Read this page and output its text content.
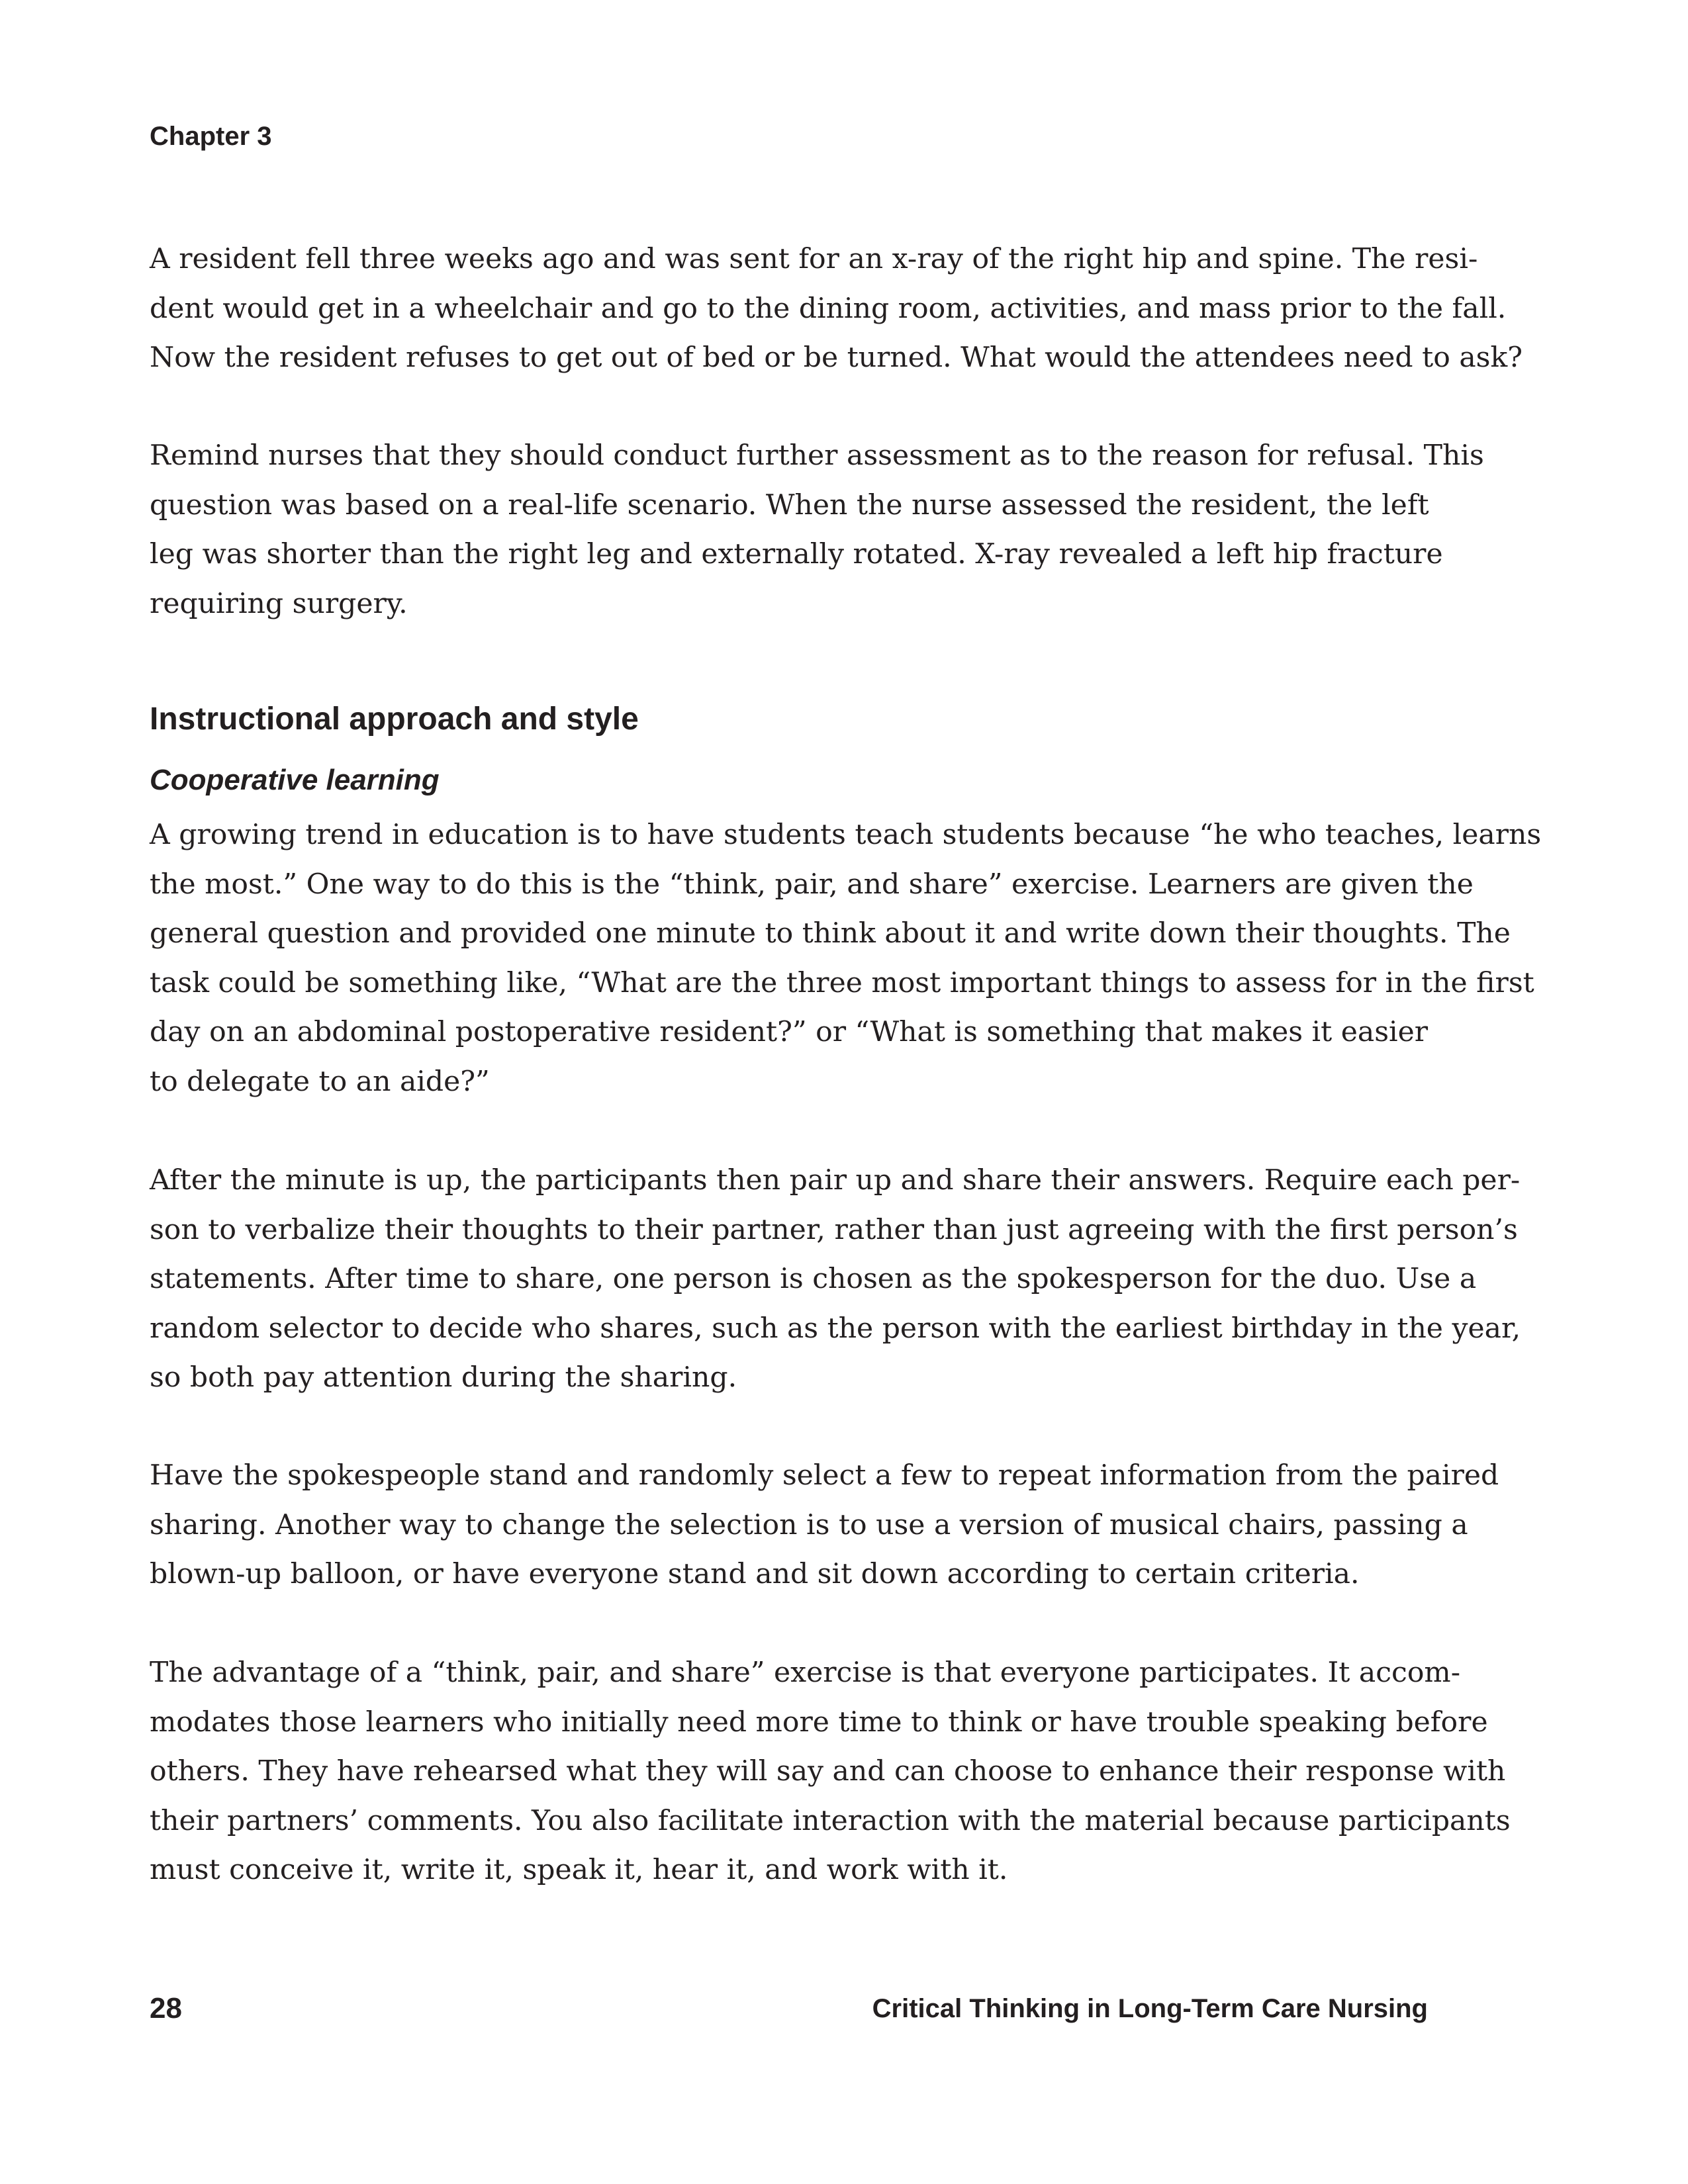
Chapter 3

A resident fell three weeks ago and was sent for an x-ray of the right hip and spine. The resi-
dent would get in a wheelchair and go to the dining room, activities, and mass prior to the fall.
Now the resident refuses to get out of bed or be turned. What would the attendees need to ask?

Remind nurses that they should conduct further assessment as to the reason for refusal. This
question was based on a real-life scenario. When the nurse assessed the resident, the left
leg was shorter than the right leg and externally rotated. X-ray revealed a left hip fracture
requiring surgery.

Instructional approach and style
Cooperative learning

A growing trend in education is to have students teach students because “he who teaches, learns
the most.” One way to do this is the “think, pair, and share” exercise. Learners are given the
general question and provided one minute to think about it and write down their thoughts. The
task could be something like, “What are the three most important things to assess for in the first
day on an abdominal postoperative resident?” or “What is something that makes it easier
to delegate to an aide?”

After the minute is up, the participants then pair up and share their answers. Require each per-
son to verbalize their thoughts to their partner, rather than just agreeing with the first person’s
statements. After time to share, one person is chosen as the spokesperson for the duo. Use a
random selector to decide who shares, such as the person with the earliest birthday in the year,
so both pay attention during the sharing.

Have the spokespeople stand and randomly select a few to repeat information from the paired
sharing. Another way to change the selection is to use a version of musical chairs, passing a
blown-up balloon, or have everyone stand and sit down according to certain criteria.

The advantage of a “think, pair, and share” exercise is that everyone participates. It accom-
modates those learners who initially need more time to think or have trouble speaking before
others. They have rehearsed what they will say and can choose to enhance their response with
their partners’ comments. You also facilitate interaction with the material because participants
must conceive it, write it, speak it, hear it, and work with it.

28	Critical Thinking in Long-Term Care Nursing
